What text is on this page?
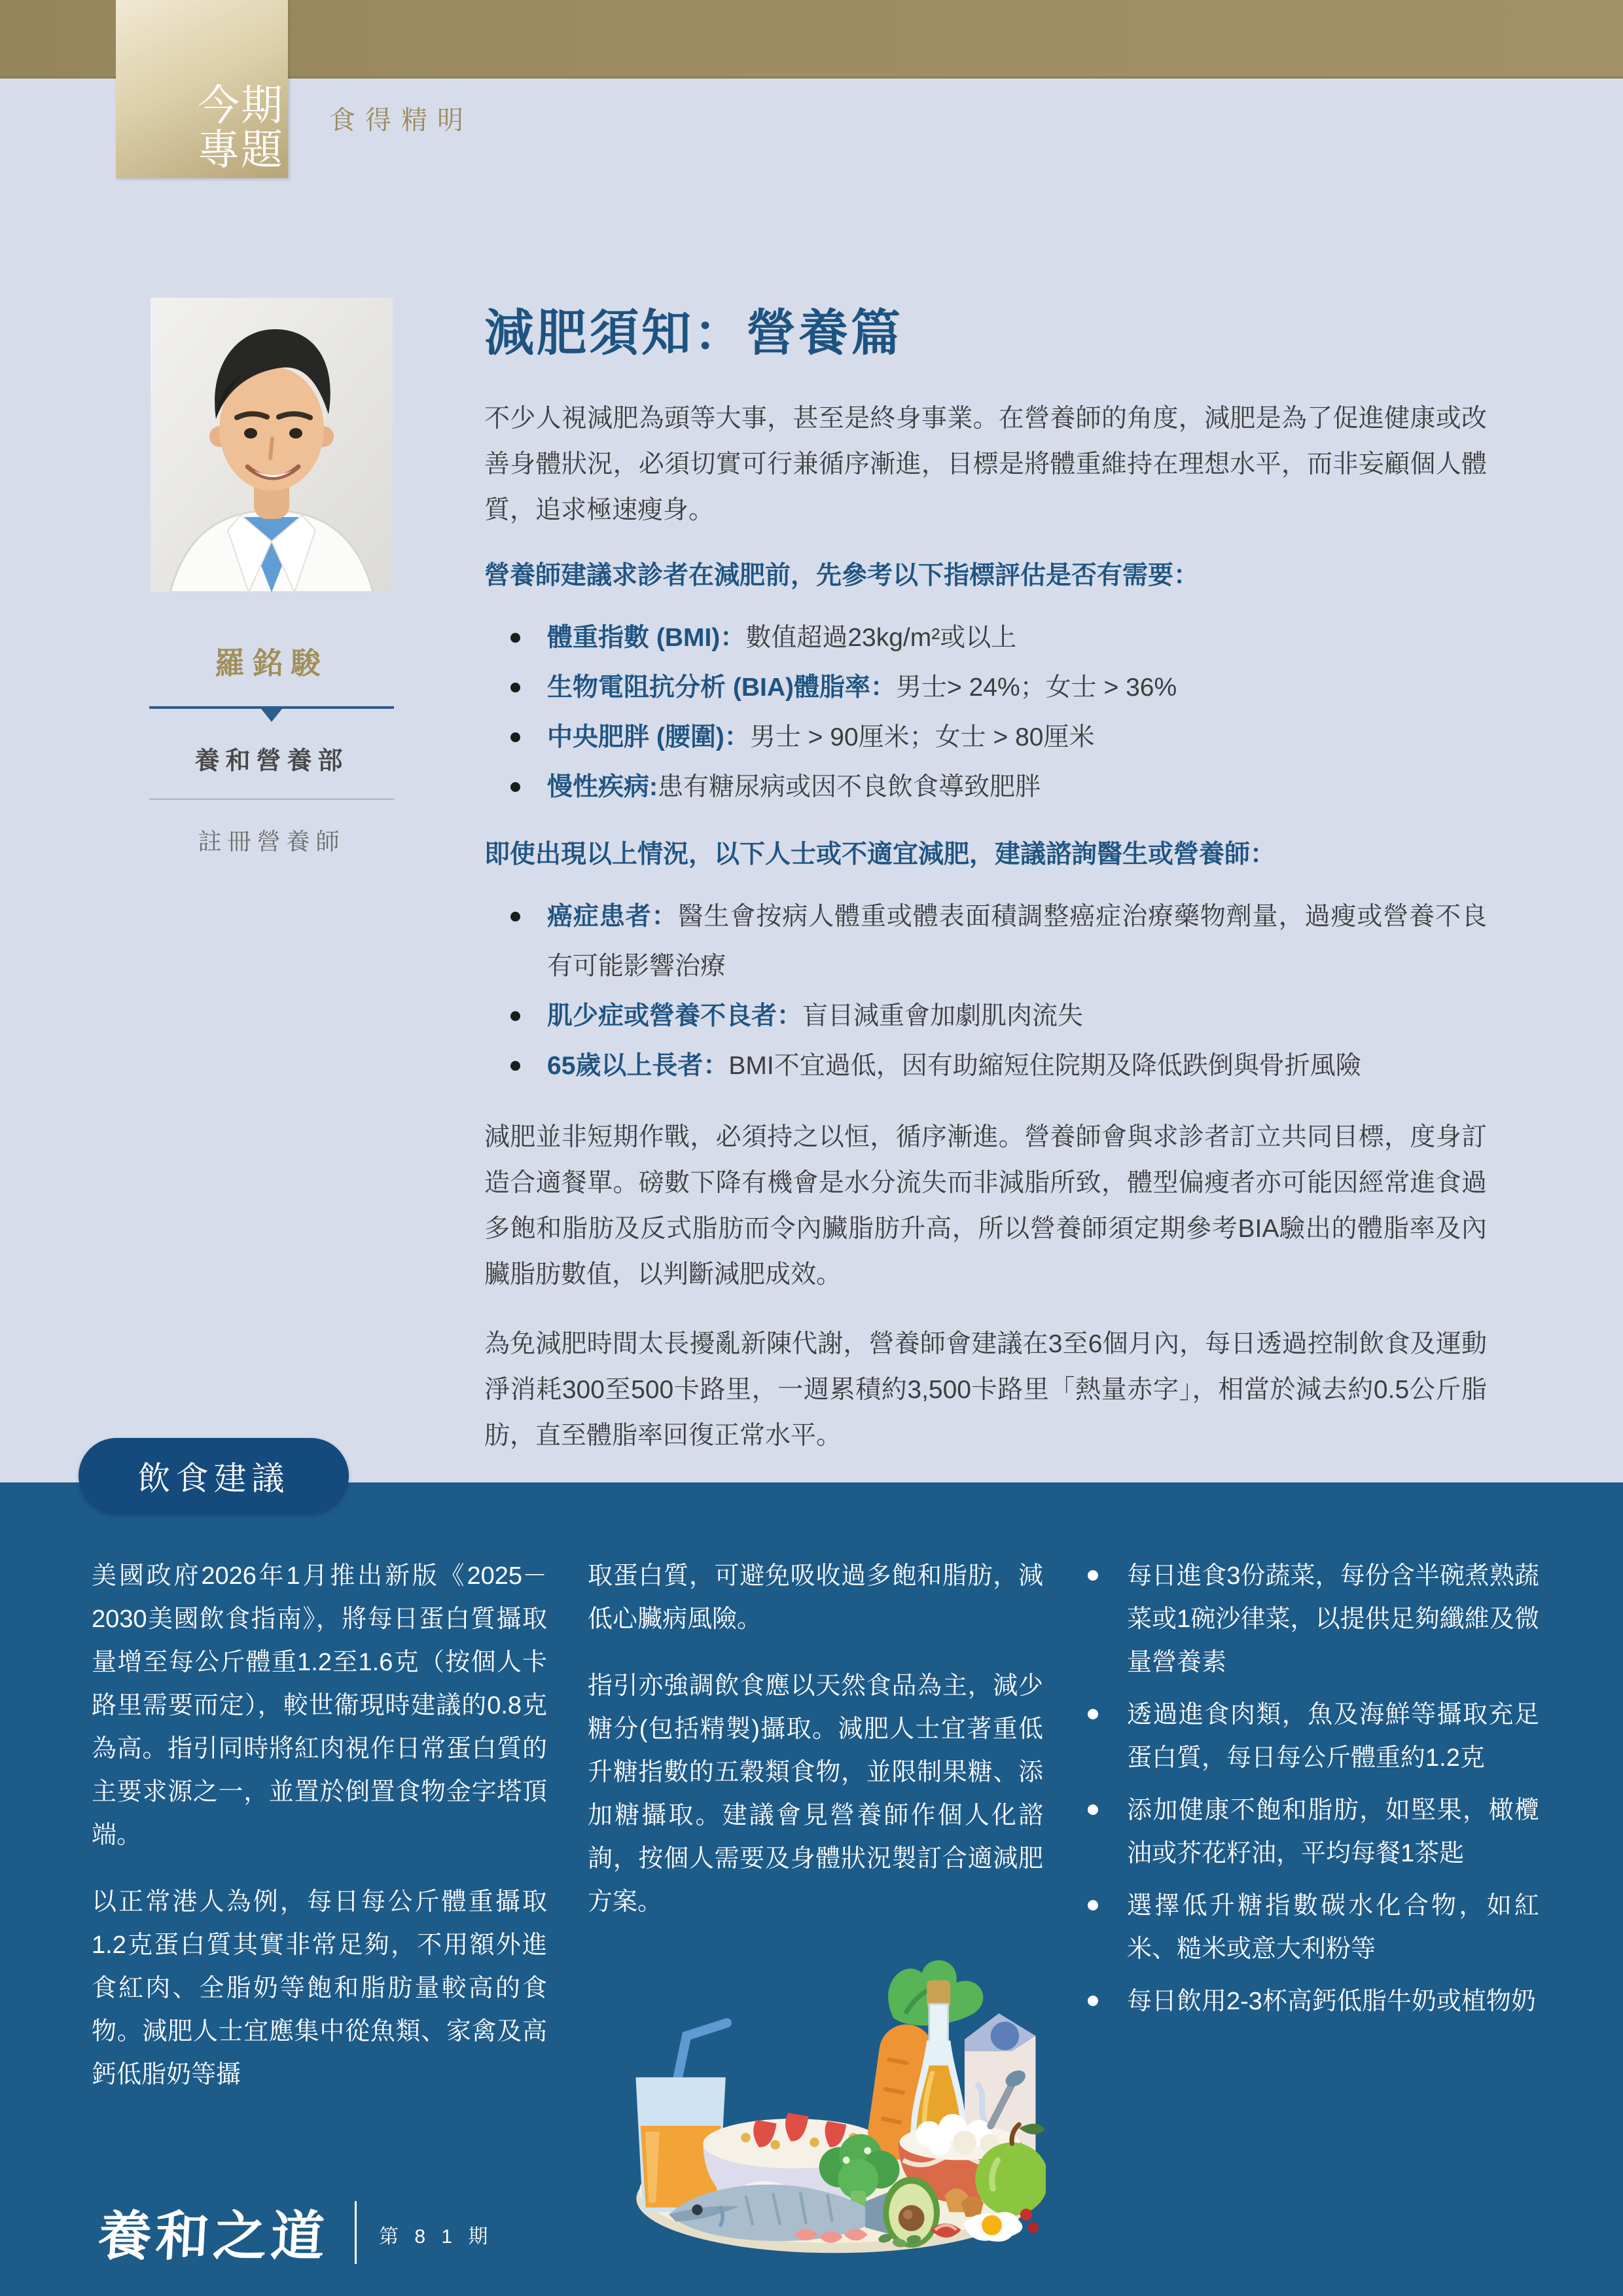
今期
專題
食得精明
羅銘駿
養和營養部
註冊營養師
減肥須知：營養篇

不少人視減肥為頭等大事，甚至是終身事業。在營養師的角度，減肥是為了促進健康或改善身體狀況，必須切實可行兼循序漸進，目標是將體重維持在理想水平，而非妄顧個人體質，追求極速瘦身。

營養師建議求診者在減肥前，先參考以下指標評估是否有需要：
體重指數 (BMI)：數值超過23kg/m²或以上
生物電阻抗分析 (BIA)體脂率：男士> 24%；女士 > 36%
中央肥胖 (腰圍)：男士 > 90厘米；女士 > 80厘米
慢性疾病:患有糖尿病或因不良飲食導致肥胖
即使出現以上情況，以下人士或不適宜減肥，建議諮詢醫生或營養師：
癌症患者：醫生會按病人體重或體表面積調整癌症治療藥物劑量，過瘦或營養不良有可能影響治療
肌少症或營養不良者：盲目減重會加劇肌肉流失
65歲以上長者：BMI不宜過低，因有助縮短住院期及降低跌倒與骨折風險

減肥並非短期作戰，必須持之以恒，循序漸進。營養師會與求診者訂立共同目標，度身訂造合適餐單。磅數下降有機會是水分流失而非減脂所致，體型偏瘦者亦可能因經常進食過多飽和脂肪及反式脂肪而令內臟脂肪升高，所以營養師須定期參考BIA驗出的體脂率及內臟脂肪數值，以判斷減肥成效。

為免減肥時間太長擾亂新陳代謝，營養師會建議在3至6個月內，每日透過控制飲食及運動淨消耗300至500卡路里，一週累積約3,500卡路里「熱量赤字」，相當於減去約0.5公斤脂肪，直至體脂率回復正常水平。

飲食建議

美國政府2026年1月推出新版《2025－2030美國飲食指南》，將每日蛋白質攝取量增至每公斤體重1.2至1.6克（按個人卡路里需要而定），較世衞現時建議的0.8克為高。指引同時將紅肉視作日常蛋白質的主要求源之一，並置於倒置食物金字塔頂端。

以正常港人為例，每日每公斤體重攝取1.2克蛋白質其實非常足夠，不用額外進食紅肉、全脂奶等飽和脂肪量較高的食物。減肥人士宜應集中從魚類、家禽及高鈣低脂奶等攝

取蛋白質，可避免吸收過多飽和脂肪，減低心臟病風險。

指引亦強調飲食應以天然食品為主，減少糖分(包括精製)攝取。減肥人士宜著重低升糖指數的五穀類食物，並限制果糖、添加糖攝取。建議會見營養師作個人化諮詢，按個人需要及身體狀況製訂合適減肥方案。

每日進食3份蔬菜，每份含半碗煮熟蔬菜或1碗沙律菜，以提供足夠纖維及微量營養素
透過進食肉類，魚及海鮮等攝取充足蛋白質，每日每公斤體重約1.2克
添加健康不飽和脂肪，如堅果，橄欖油或芥花籽油，平均每餐1茶匙
選擇低升糖指數碳水化合物，如紅米、糙米或意大利粉等
每日飲用2-3杯高鈣低脂牛奶或植物奶
養和之道 第 8 1 期
